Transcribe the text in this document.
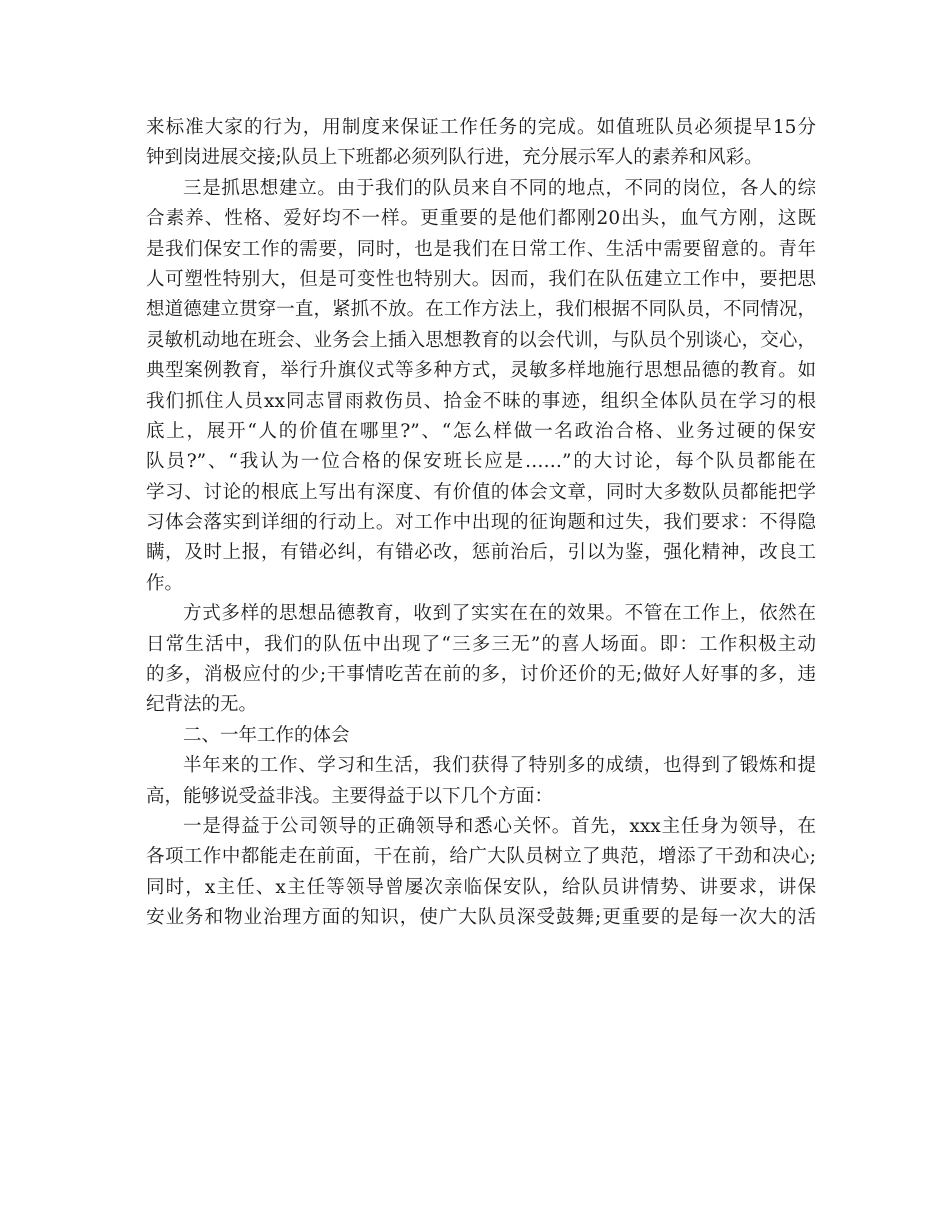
来标准大家的行为，用制度来保证工作任务的完成。如值班队员必须提早15分
钟到岗进展交接;队员上下班都必须列队行进，充分展示军人的素养和风彩。
三是抓思想建立。由于我们的队员来自不同的地点，不同的岗位，各人的综
合素养、性格、爱好均不一样。更重要的是他们都刚20出头，血气方刚，这既
是我们保安工作的需要，同时，也是我们在日常工作、生活中需要留意的。青年
人可塑性特别大，但是可变性也特别大。因而，我们在队伍建立工作中，要把思
想道德建立贯穿一直，紧抓不放。在工作方法上，我们根据不同队员，不同情况，
灵敏机动地在班会、业务会上插入思想教育的以会代训，与队员个别谈心，交心，
典型案例教育，举行升旗仪式等多种方式，灵敏多样地施行思想品德的教育。如
我们抓住人员xx同志冒雨救伤员、拾金不昧的事迹，组织全体队员在学习的根
底上，展开“人的价值在哪里?”、“怎么样做一名政治合格、业务过硬的保安
队员?”、“我认为一位合格的保安班长应是……”的大讨论，每个队员都能在
学习、讨论的根底上写出有深度、有价值的体会文章，同时大多数队员都能把学
习体会落实到详细的行动上。对工作中出现的征询题和过失，我们要求：不得隐
瞒，及时上报，有错必纠，有错必改，惩前治后，引以为鉴，强化精神，改良工
作。
方式多样的思想品德教育，收到了实实在在的效果。不管在工作上，依然在
日常生活中，我们的队伍中出现了“三多三无”的喜人场面。即：工作积极主动
的多，消极应付的少;干事情吃苦在前的多，讨价还价的无;做好人好事的多，违
纪背法的无。
二、一年工作的体会
半年来的工作、学习和生活，我们获得了特别多的成绩，也得到了锻炼和提
高，能够说受益非浅。主要得益于以下几个方面：
一是得益于公司领导的正确领导和悉心关怀。首先，xxx主任身为领导，在
各项工作中都能走在前面，干在前，给广大队员树立了典范，增添了干劲和决心;
同时，x主任、x主任等领导曾屡次亲临保安队，给队员讲情势、讲要求，讲保
安业务和物业治理方面的知识，使广大队员深受鼓舞;更重要的是每一次大的活
